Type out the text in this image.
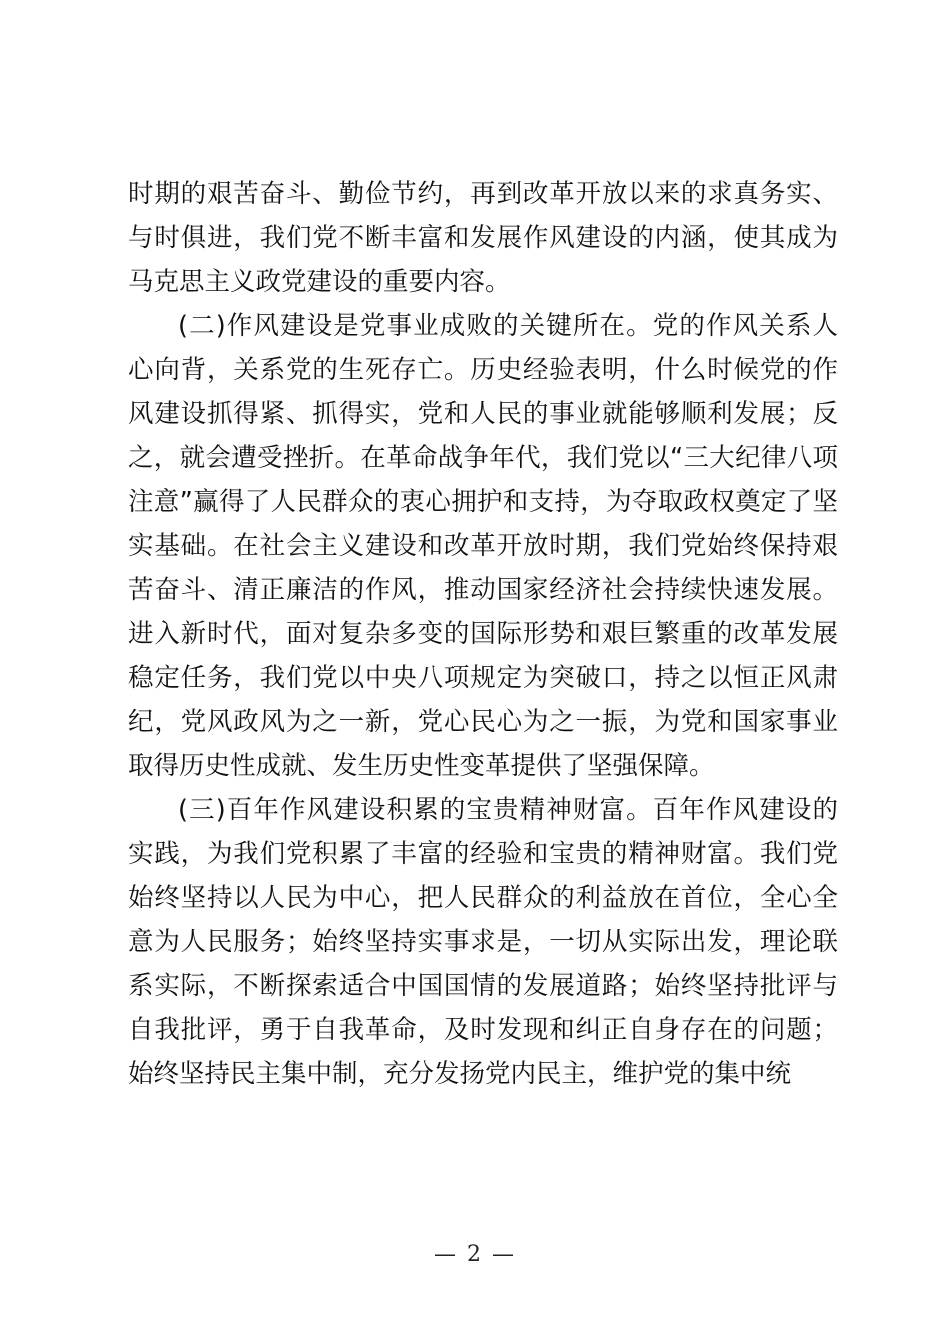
时期的艰苦奋斗、勤俭节约，再到改革开放以来的求真务实、
与时俱进，我们党不断丰富和发展作风建设的内涵，使其成为
马克思主义政党建设的重要内容。
(二)作风建设是党事业成败的关键所在。党的作风关系人
心向背，关系党的生死存亡。历史经验表明，什么时候党的作
风建设抓得紧、抓得实，党和人民的事业就能够顺利发展；反
之，就会遭受挫折。在革命战争年代，我们党以“三大纪律八项
注意”赢得了人民群众的衷心拥护和支持，为夺取政权奠定了坚
实基础。在社会主义建设和改革开放时期，我们党始终保持艰
苦奋斗、清正廉洁的作风，推动国家经济社会持续快速发展。
进入新时代，面对复杂多变的国际形势和艰巨繁重的改革发展
稳定任务，我们党以中央八项规定为突破口，持之以恒正风肃
纪，党风政风为之一新，党心民心为之一振，为党和国家事业
取得历史性成就、发生历史性变革提供了坚强保障。
(三)百年作风建设积累的宝贵精神财富。百年作风建设的
实践，为我们党积累了丰富的经验和宝贵的精神财富。我们党
始终坚持以人民为中心，把人民群众的利益放在首位，全心全
意为人民服务；始终坚持实事求是，一切从实际出发，理论联
系实际，不断探索适合中国国情的发展道路；始终坚持批评与
自我批评，勇于自我革命，及时发现和纠正自身存在的问题；
始终坚持民主集中制，充分发扬党内民主，维护党的集中统
— 2 —
